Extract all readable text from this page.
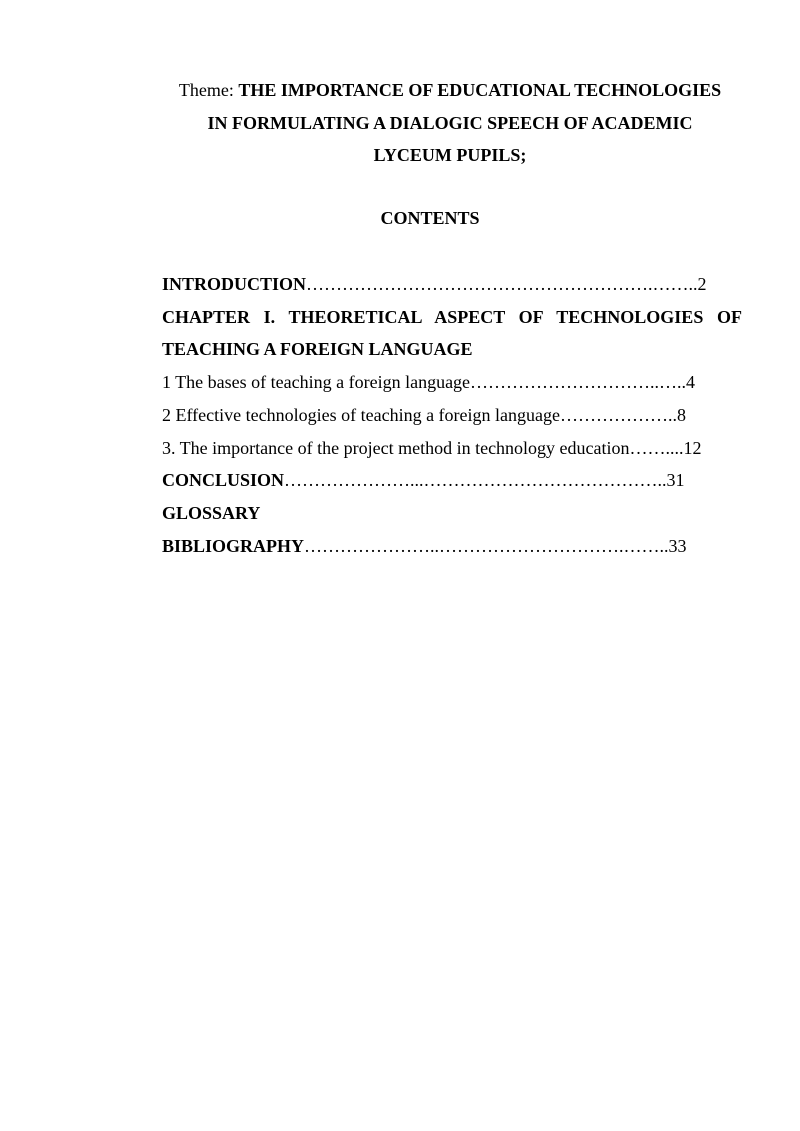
Theme: THE IMPORTANCE OF EDUCATIONAL TECHNOLOGIES
IN FORMULATING A DIALOGIC SPEECH OF ACADEMIC
LYCEUM PUPILS;
CONTENTS
INTRODUCTION………………………………………………….……..2
CHAPTER I. THEORETICAL ASPECT OF TECHNOLOGIES OF
TEACHING A FOREIGN LANGUAGE
1 The bases of teaching a foreign language…………………………..…..4
2 Effective technologies of teaching a foreign language………………..8
3. The importance of the project method in technology education……....12
CONCLUSION…………………...…………………………………..31
GLOSSARY
BIBLIOGRAPHY…………………..………………………….……..33
